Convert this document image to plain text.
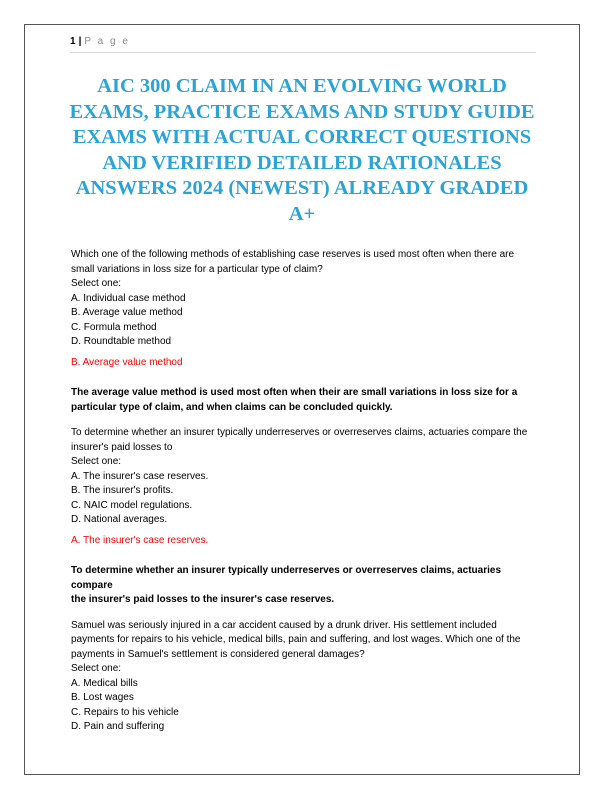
1 | P a g e
AIC 300 CLAIM IN AN EVOLVING WORLD EXAMS, PRACTICE EXAMS AND STUDY GUIDE EXAMS WITH ACTUAL CORRECT QUESTIONS AND VERIFIED DETAILED RATIONALES ANSWERS 2024 (NEWEST) ALREADY GRADED A+

Which one of the following methods of establishing case reserves is used most often when there are
small variations in loss size for a particular type of claim?

Select one:

A. Individual case method

B. Average value method

C. Formula method

D. Roundtable method

B. Average value method

The average value method is used most often when their are small variations in loss size for a
particular type of claim, and when claims can be concluded quickly.

To determine whether an insurer typically underreserves or overreserves claims, actuaries compare the
insurer's paid losses to

Select one:

A. The insurer's case reserves.

B. The insurer's profits.

C. NAIC model regulations.

D. National averages.

A. The insurer's case reserves.

To determine whether an insurer typically underreserves or overreserves claims, actuaries compare
the insurer's paid losses to the insurer's case reserves.

Samuel was seriously injured in a car accident caused by a drunk driver. His settlement included
payments for repairs to his vehicle, medical bills, pain and suffering, and lost wages. Which one of the
payments in Samuel's settlement is considered general damages?

Select one:

A. Medical bills

B. Lost wages

C. Repairs to his vehicle

D. Pain and suffering
